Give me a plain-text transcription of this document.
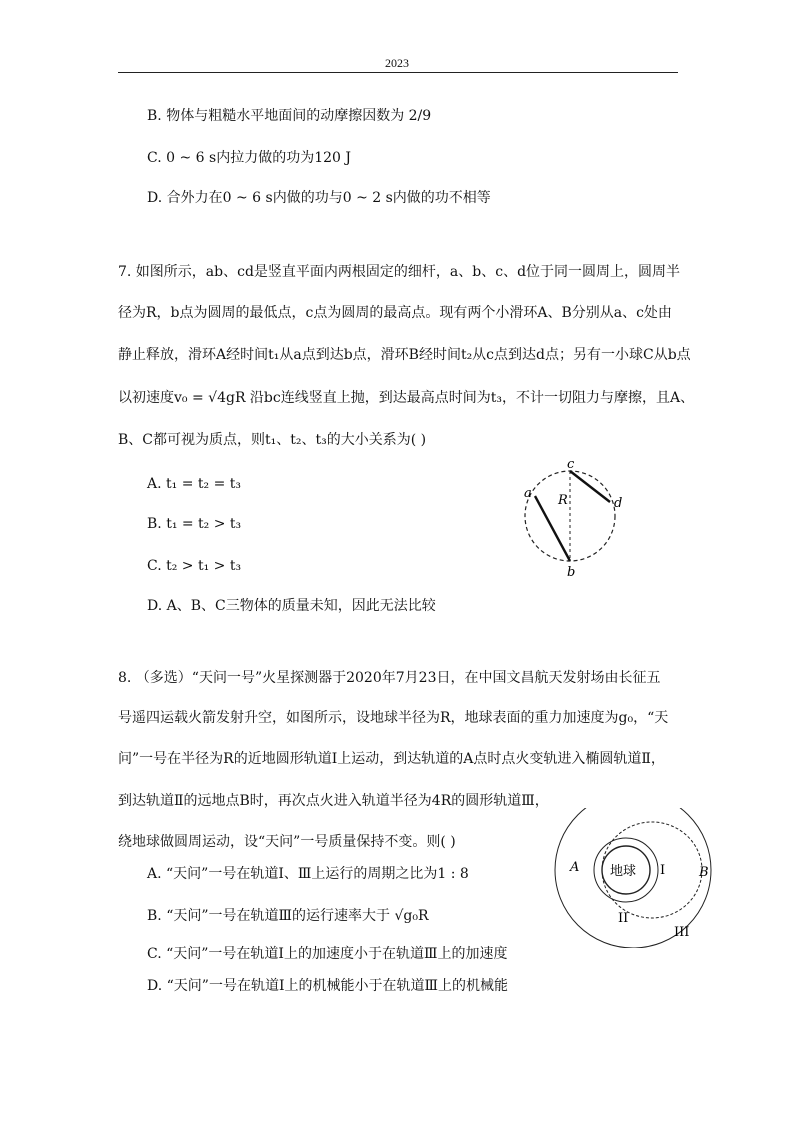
2023
B. 物体与粗糙水平地面间的动摩擦因数为 2/9
C. 0 ~ 6 s内拉力做的功为120 J
D. 合外力在0 ~ 6 s内做的功与0 ~ 2 s内做的功不相等
7. 如图所示，ab、cd是竖直平面内两根固定的细杆，a、b、c、d位于同一圆周上，圆周半
径为R，b点为圆周的最低点，c点为圆周的最高点。现有两个小滑环A、B分别从a、c处由
静止释放，滑环A经时间t₁从a点到达b点，滑环B经时间t₂从c点到达d点；另有一小球C从b点
以初速度v₀ = √4gR 沿bc连线竖直上抛，到达最高点时间为t₃，不计一切阻力与摩擦，且A、
B、C都可视为质点，则t₁、t₂、t₃的大小关系为( )
A. t₁ = t₂ = t₃
B. t₁ = t₂ > t₃
C. t₂ > t₁ > t₃
D. A、B、C三物体的质量未知，因此无法比较
c
a
d
b
R
8. （多选）“天问一号”火星探测器于2020年7月23日，在中国文昌航天发射场由长征五
号遥四运载火箭发射升空，如图所示，设地球半径为R，地球表面的重力加速度为g₀，“天
问”一号在半径为R的近地圆形轨道Ⅰ上运动，到达轨道的A点时点火变轨进入椭圆轨道Ⅱ，
到达轨道Ⅱ的远地点B时，再次点火进入轨道半径为4R的圆形轨道Ⅲ，
绕地球做圆周运动，设“天问”一号质量保持不变。则( )
A. “天问”一号在轨道Ⅰ、Ⅲ上运行的周期之比为1 : 8
B. “天问”一号在轨道Ⅲ的运行速率大于 √g₀R
C. “天问”一号在轨道Ⅰ上的加速度小于在轨道Ⅲ上的加速度
D. “天问”一号在轨道Ⅰ上的机械能小于在轨道Ⅲ上的机械能
地球
A	B
I
II
III
